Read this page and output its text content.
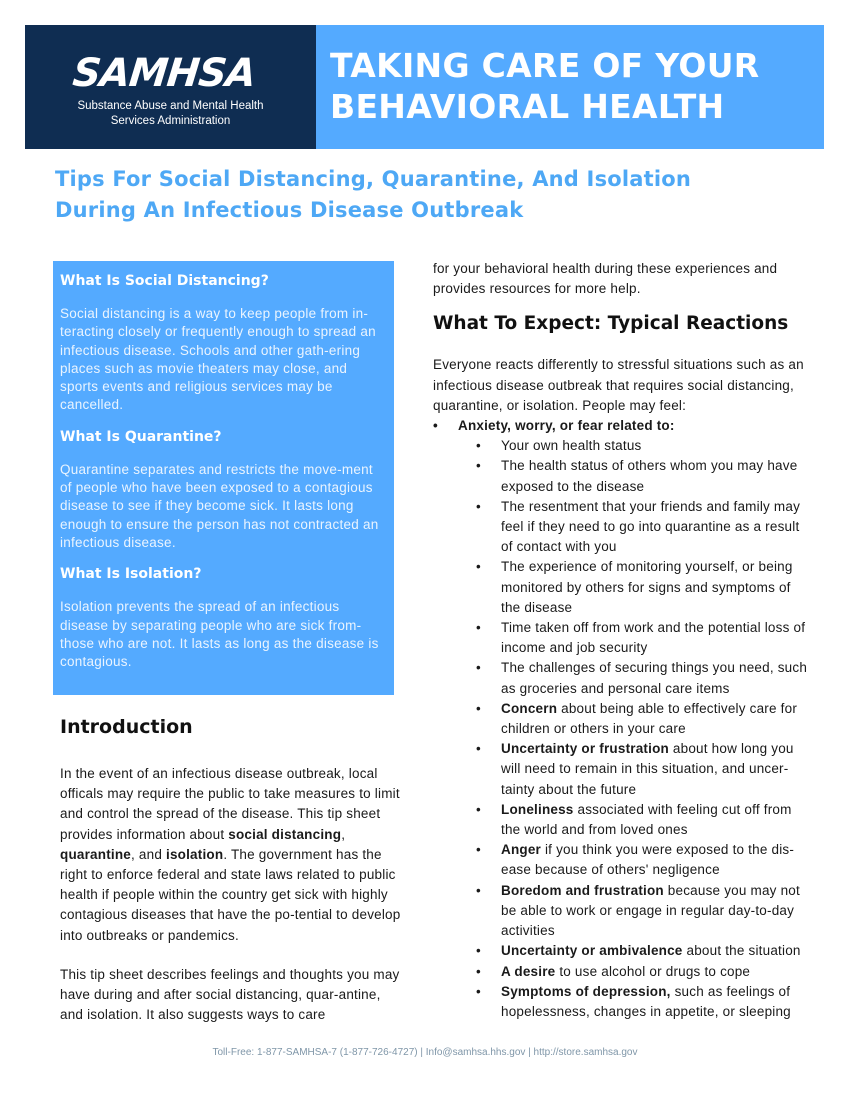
SAMHSA
Substance Abuse and Mental Health
Services Administration
TAKING CARE OF YOUR
BEHAVIORAL HEALTH
Tips For Social Distancing, Quarantine, And Isolation
During An Infectious Disease Outbreak
What Is Social Distancing?
Social distancing is a way to keep people from in-teracting closely or frequently enough to spread an infectious disease. Schools and other gath-ering places such as movie theaters may close, and sports events and religious services may be cancelled.
What Is Quarantine?
Quarantine separates and restricts the move-ment of people who have been exposed to a contagious disease to see if they become sick. It lasts long enough to ensure the person has not contracted an infectious disease.
What Is Isolation?
Isolation prevents the spread of an infectious disease by separating people who are sick from-those who are not. It lasts as long as the disease is contagious.
Introduction
In the event of an infectious disease outbreak, local officals may require the public to take measures to limit and control the spread of the disease. This tip sheet provides information about social distancing, quarantine, and isolation. The government has the right to enforce federal and state laws related to public health if people within the country get sick with highly contagious diseases that have the po-tential to develop into outbreaks or pandemics.
This tip sheet describes feelings and thoughts you may have during and after social distancing, quar-antine, and isolation. It also suggests ways to care
for your behavioral health during these experiences and provides resources for more help.
What To Expect: Typical Reactions
Everyone reacts differently to stressful situations such as an infectious disease outbreak that requires social distancing, quarantine, or isolation. People may feel:
• Anxiety, worry, or fear related to:
• Your own health status
• The health status of others whom you may have exposed to the disease
• The resentment that your friends and family may feel if they need to go into quarantine as a result of contact with you
• The experience of monitoring yourself, or being monitored by others for signs and symptoms of the disease
• Time taken off from work and the potential loss of income and job security
• The challenges of securing things you need, such as groceries and personal care items
• Concern about being able to effectively care for children or others in your care
• Uncertainty or frustration about how long you will need to remain in this situation, and uncer-tainty about the future
• Loneliness associated with feeling cut off from the world and from loved ones
• Anger if you think you were exposed to the dis-ease because of others' negligence
• Boredom and frustration because you may not be able to work or engage in regular day-to-day activities
• Uncertainty or ambivalence about the situation
• A desire to use alcohol or drugs to cope
• Symptoms of depression, such as feelings of hopelessness, changes in appetite, or sleeping
Toll-Free: 1-877-SAMHSA-7 (1-877-726-4727) | Info@samhsa.hhs.gov | http://store.samhsa.gov
